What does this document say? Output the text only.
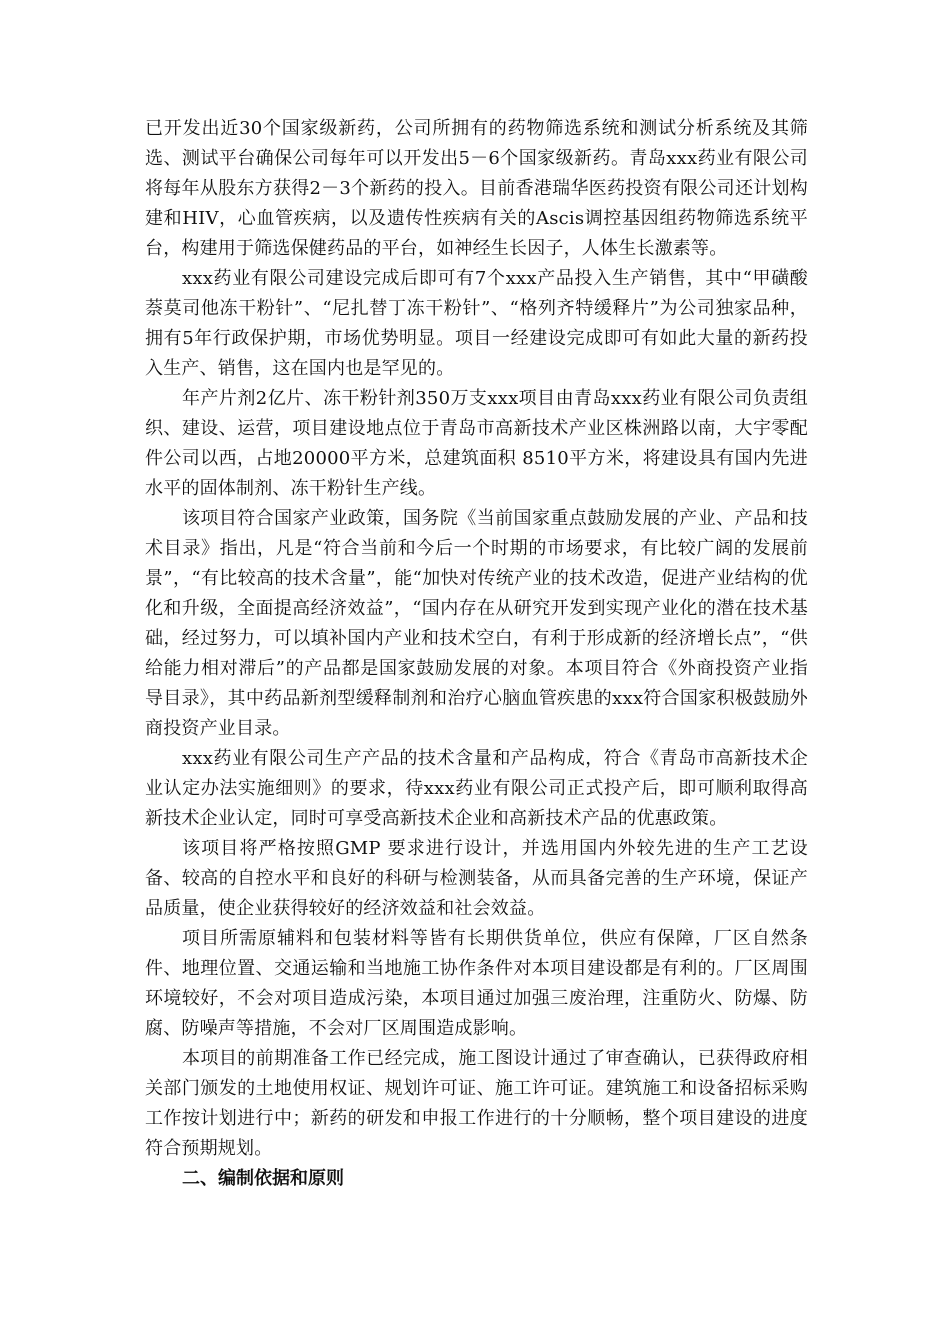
已开发出近30个国家级新药，公司所拥有的药物筛选系统和测试分析系统及其筛选、测试平台确保公司每年可以开发出5－6个国家级新药。青岛xxx药业有限公司将每年从股东方获得2－3个新药的投入。目前香港瑞华医药投资有限公司还计划构建和HIV，心血管疾病，以及遗传性疾病有关的Ascis调控基因组药物筛选系统平台，构建用于筛选保健药品的平台，如神经生长因子，人体生长激素等。

xxx药业有限公司建设完成后即可有7个xxx产品投入生产销售，其中“甲磺酸萘莫司他冻干粉针”、“尼扎替丁冻干粉针”、“格列齐特缓释片”为公司独家品种，拥有5年行政保护期，市场优势明显。项目一经建设完成即可有如此大量的新药投入生产、销售，这在国内也是罕见的。

年产片剂2亿片、冻干粉针剂350万支xxx项目由青岛xxx药业有限公司负责组织、建设、运营，项目建设地点位于青岛市高新技术产业区株洲路以南，大宇零配件公司以西，占地20000平方米，总建筑面积 8510平方米，将建设具有国内先进水平的固体制剂、冻干粉针生产线。

该项目符合国家产业政策，国务院《当前国家重点鼓励发展的产业、产品和技术目录》指出，凡是“符合当前和今后一个时期的市场要求，有比较广阔的发展前景”，“有比较高的技术含量”，能“加快对传统产业的技术改造，促进产业结构的优化和升级，全面提高经济效益”，“国内存在从研究开发到实现产业化的潜在技术基础，经过努力，可以填补国内产业和技术空白，有利于形成新的经济增长点”，“供给能力相对滞后”的产品都是国家鼓励发展的对象。本项目符合《外商投资产业指导目录》，其中药品新剂型缓释制剂和治疗心脑血管疾患的xxx符合国家积极鼓励外商投资产业目录。

xxx药业有限公司生产产品的技术含量和产品构成，符合《青岛市高新技术企业认定办法实施细则》的要求，待xxx药业有限公司正式投产后，即可顺利取得高新技术企业认定，同时可享受高新技术企业和高新技术产品的优惠政策。

该项目将严格按照GMP 要求进行设计，并选用国内外较先进的生产工艺设备、较高的自控水平和良好的科研与检测装备，从而具备完善的生产环境，保证产品质量，使企业获得较好的经济效益和社会效益。

项目所需原辅料和包装材料等皆有长期供货单位，供应有保障，厂区自然条件、地理位置、交通运输和当地施工协作条件对本项目建设都是有利的。厂区周围环境较好，不会对项目造成污染，本项目通过加强三废治理，注重防火、防爆、防腐、防噪声等措施，不会对厂区周围造成影响。

本项目的前期准备工作已经完成，施工图设计通过了审查确认，已获得政府相关部门颁发的土地使用权证、规划许可证、施工许可证。建筑施工和设备招标采购工作按计划进行中；新药的研发和申报工作进行的十分顺畅，整个项目建设的进度符合预期规划。

二、编制依据和原则
